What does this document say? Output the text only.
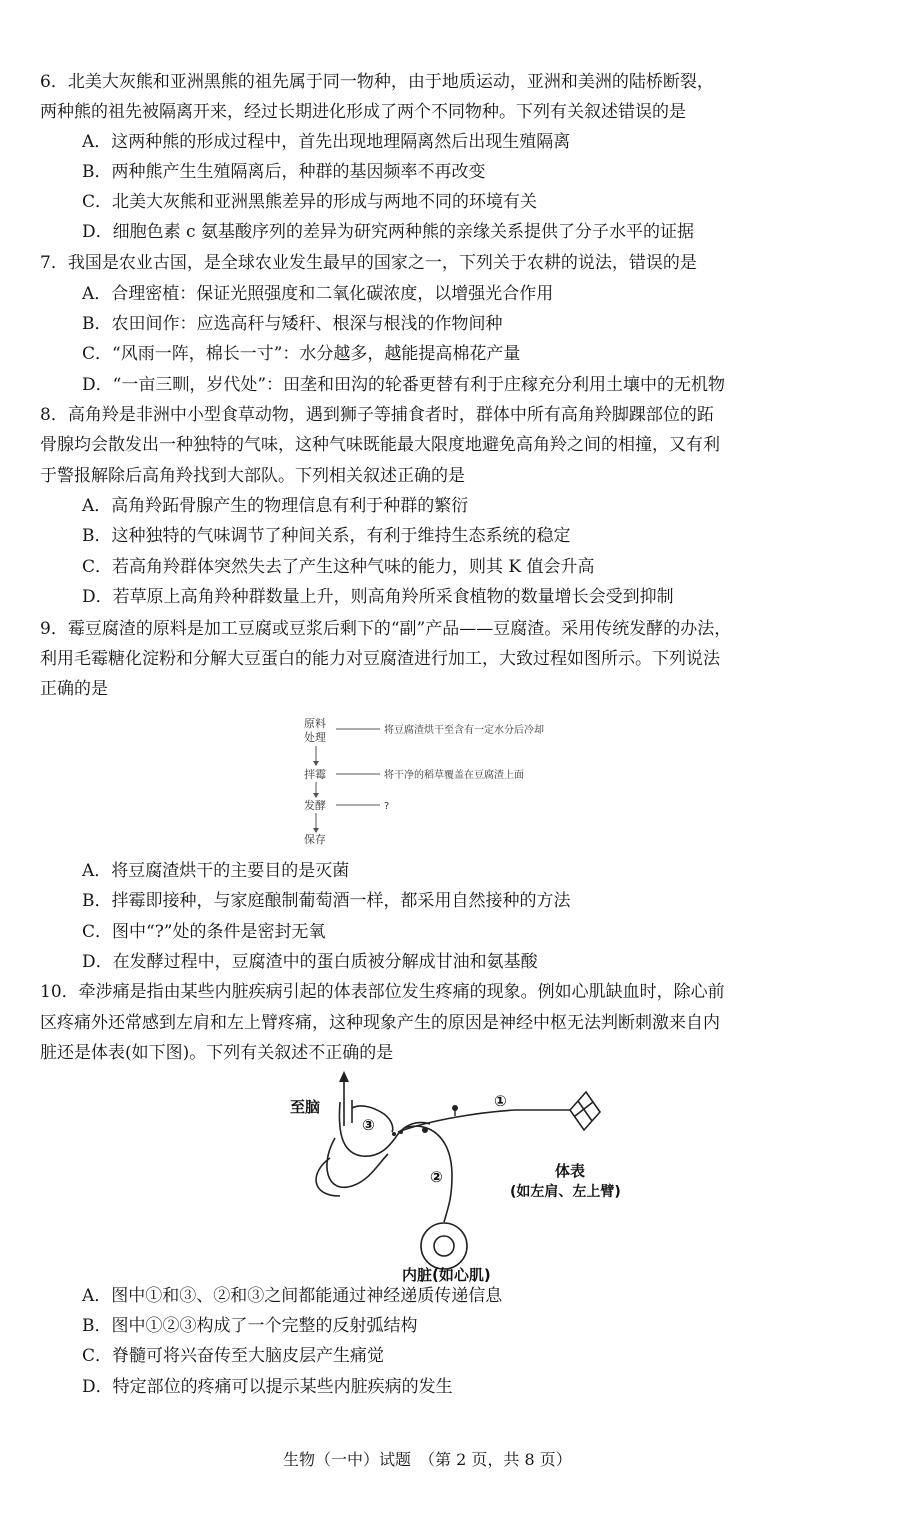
6．北美大灰熊和亚洲黑熊的祖先属于同一物种，由于地质运动，亚洲和美洲的陆桥断裂，
两种熊的祖先被隔离开来，经过长期进化形成了两个不同物种。下列有关叙述错误的是
A．这两种熊的形成过程中，首先出现地理隔离然后出现生殖隔离
B．两种熊产生生殖隔离后，种群的基因频率不再改变
C．北美大灰熊和亚洲黑熊差异的形成与两地不同的环境有关
D．细胞色素 c 氨基酸序列的差异为研究两种熊的亲缘关系提供了分子水平的证据
7．我国是农业古国，是全球农业发生最早的国家之一，下列关于农耕的说法，错误的是
A．合理密植：保证光照强度和二氧化碳浓度，以增强光合作用
B．农田间作：应选高秆与矮秆、根深与根浅的作物间种
C．“风雨一阵，棉长一寸”：水分越多，越能提高棉花产量
D．“一亩三甽，岁代处”：田垄和田沟的轮番更替有利于庄稼充分利用土壤中的无机物
8．高角羚是非洲中小型食草动物，遇到狮子等捕食者时，群体中所有高角羚脚踝部位的跖
骨腺均会散发出一种独特的气味，这种气味既能最大限度地避免高角羚之间的相撞，又有利
于警报解除后高角羚找到大部队。下列相关叙述正确的是
A．高角羚跖骨腺产生的物理信息有利于种群的繁衍
B．这种独特的气味调节了种间关系，有利于维持生态系统的稳定
C．若高角羚群体突然失去了产生这种气味的能力，则其 K 值会升高
D．若草原上高角羚种群数量上升，则高角羚所采食植物的数量增长会受到抑制
9．霉豆腐渣的原料是加工豆腐或豆浆后剩下的“副”产品——豆腐渣。采用传统发酵的办法，
利用毛霉糖化淀粉和分解大豆蛋白的能力对豆腐渣进行加工，大致过程如图所示。下列说法
正确的是
原料
处理
拌霉
发酵
保存
将豆腐渣烘干至含有一定水分后冷却
将干净的稻草覆盖在豆腐渣上面
?
A．将豆腐渣烘干的主要目的是灭菌
B．拌霉即接种，与家庭酿制葡萄酒一样，都采用自然接种的方法
C．图中“?”处的条件是密封无氧
D．在发酵过程中，豆腐渣中的蛋白质被分解成甘油和氨基酸
10．牵涉痛是指由某些内脏疾病引起的体表部位发生疼痛的现象。例如心肌缺血时，除心前
区疼痛外还常感到左肩和左上臂疼痛，这种现象产生的原因是神经中枢无法判断刺激来自内
脏还是体表(如下图)。下列有关叙述不正确的是
至脑	①
②
③
体表
(如左肩、左上臂)
内脏(如心肌)
A．图中①和③、②和③之间都能通过神经递质传递信息
B．图中①②③构成了一个完整的反射弧结构
C．脊髓可将兴奋传至大脑皮层产生痛觉
D．特定部位的疼痛可以提示某些内脏疾病的发生
生物（一中）试题　（第 2 页，共 8 页）
